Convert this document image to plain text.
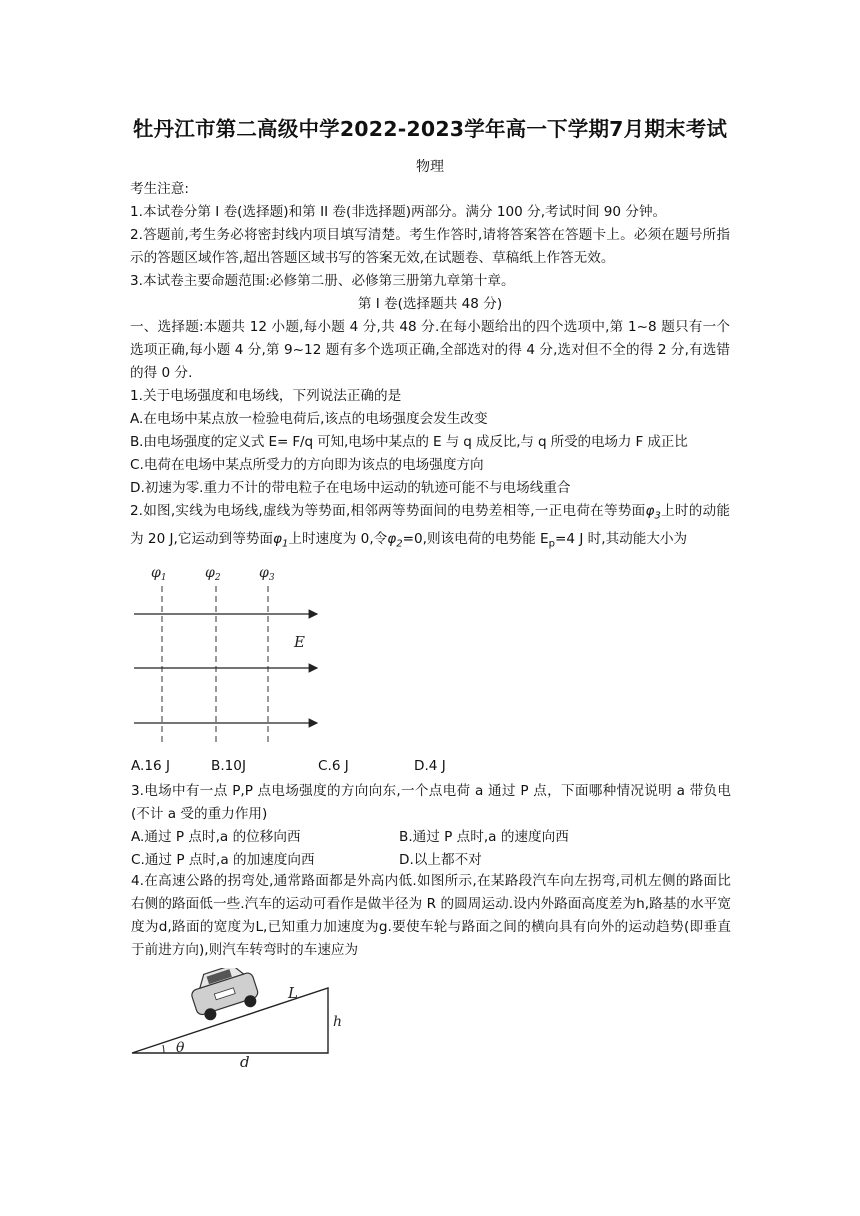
牡丹江市第二高级中学2022-2023学年高一下学期7月期末考试
物理

考生注意:

1.本试卷分第 I 卷(选择题)和第 II 卷(非选择题)两部分。满分 100 分,考试时间 90 分钟。

2.答题前,考生务必将密封线内项目填写清楚。考生作答时,请将答案答在答题卡上。必须在题号所指示的答题区域作答,超出答题区域书写的答案无效,在试题卷、草稿纸上作答无效。

3.本试卷主要命题范围:必修第二册、必修第三册第九章第十章。

第 I 卷(选择题共 48 分)

一、选择题:本题共 12 小题,每小题 4 分,共 48 分.在每小题给出的四个选项中,第 1~8 题只有一个选项正确,每小题 4 分,第 9~12 题有多个选项正确,全部选对的得 4 分,选对但不全的得 2 分,有选错的得 0 分.

1.关于电场强度和电场线，下列说法正确的是

A.在电场中某点放一检验电荷后,该点的电场强度会发生改变

B.由电场强度的定义式 E= F/q 可知,电场中某点的 E 与 q 成反比,与 q 所受的电场力 F 成正比

C.电荷在电场中某点所受力的方向即为该点的电场强度方向

D.初速为零.重力不计的带电粒子在电场中运动的轨迹可能不与电场线重合

2.如图,实线为电场线,虚线为等势面,相邻两等势面间的电势差相等,一正电荷在等势面$\varphi_3$上时的动能为 20 J,它运动到等势面$\varphi_1$上时速度为 0,令$\varphi_2=0$,则该电荷的电势能 $E_p=4$ J 时,其动能大小为

$\varphi_1$	$\varphi_2$	$\varphi_3$
E
A.16 J	B.10J	C.6 J	D.4 J

3.电场中有一点 P,P 点电场强度的方向向东,一个点电荷 a 通过 P 点，下面哪种情况说明 a 带负电(不计 a 受的重力作用)

A.通过 P 点时,a 的位移向西	B.通过 P 点时,a 的速度向西
C.通过 P 点时,a 的加速度向西	D.以上都不对

4.在高速公路的拐弯处,通常路面都是外高内低.如图所示,在某路段汽车向左拐弯,司机左侧的路面比右侧的路面低一些.汽车的运动可看作是做半径为 R 的圆周运动.设内外路面高度差为h,路基的水平宽度为d,路面的宽度为L,已知重力加速度为g.要使车轮与路面之间的横向具有向外的运动趋势(即垂直于前进方向),则汽车转弯时的车速应为

L
h
d
θ
